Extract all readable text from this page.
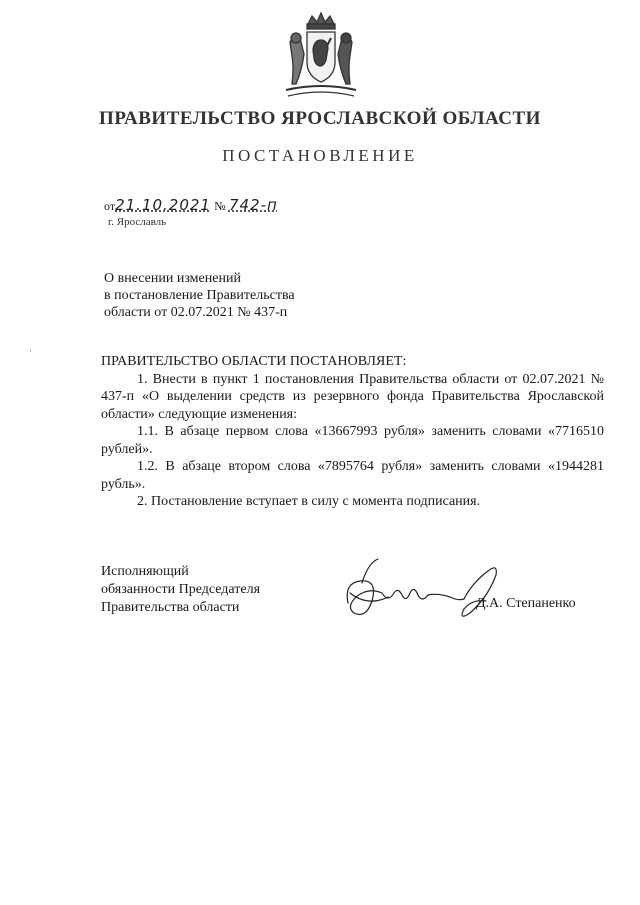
ПРАВИТЕЛЬСТВО ЯРОСЛАВСКОЙ ОБЛАСТИ
ПОСТАНОВЛЕНИЕ
от21.10.2021 № 742-п
г. Ярославль
О внесении изменений
в постановление Правительства
области от 02.07.2021 № 437-п
ПРАВИТЕЛЬСТВО ОБЛАСТИ ПОСТАНОВЛЯЕТ:
1. Внести в пункт 1 постановления Правительства области от 02.07.2021 № 437-п «О выделении средств из резервного фонда Правительства Ярославской области» следующие изменения:
1.1. В абзаце первом слова «13667993 рубля» заменить словами «7716510 рублей».
1.2. В абзаце втором слова «7895764 рубля» заменить словами «1944281 рубль».
2. Постановление вступает в силу с момента подписания.
Исполняющий
обязанности Председателя
Правительства области	Д.А. Степаненко
